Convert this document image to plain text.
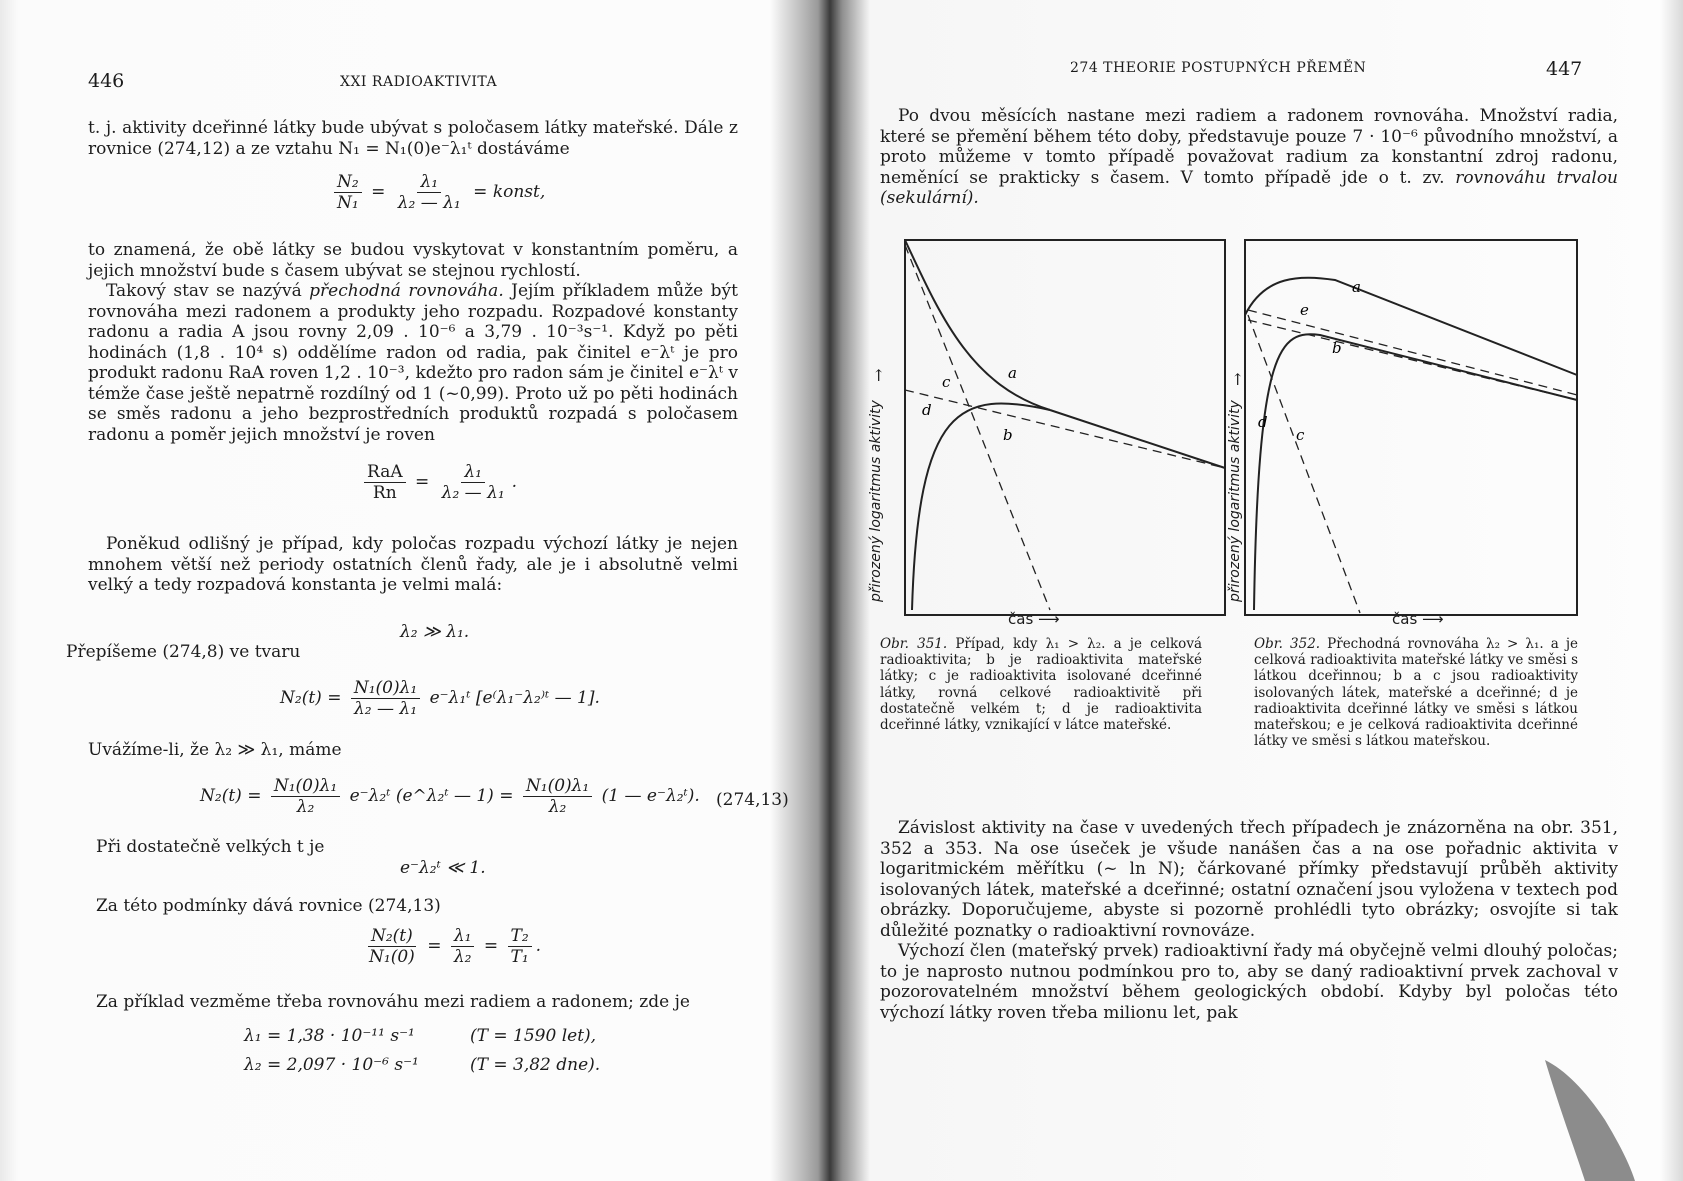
446	XXI RADIOAKTIVITA

t. j. aktivity dceřinné látky bude ubývat s poločasem látky mateřské. Dále z rovnice (274,12) a ze vztahu N₁ = N₁(0)e⁻λ₁ᵗ dostáváme

$\frac{\text{N₂}}{\text{N₁}} = \frac{\text{λ₁}}{\text{λ₂ — λ₁}}$ = konst,

to znamená, že obě látky se budou vyskytovat v konstantním poměru, a jejich množství bude s časem ubývat se stejnou rychlostí.

Takový stav se nazývá přechodná rovnováha. Jejím příkladem může být rovnováha mezi radonem a produkty jeho rozpadu. Rozpadové konstanty radonu a radia A jsou rovny 2,09 . 10⁻⁶ a 3,79 . 10⁻³s⁻¹. Když po pěti hodinách (1,8 . 10⁴ s) oddělíme radon od radia, pak činitel e⁻λᵗ je pro produkt radonu RaA roven 1,2 . 10⁻³, kdežto pro radon sám je činitel e⁻λᵗ v témže čase ještě nepatrně rozdílný od 1 (~0,99). Proto už po pěti hodinách se směs radonu a jeho bezprostředních produktů rozpadá s poločasem radonu a poměr jejich množství je roven

$\frac{\text{RaA}}{Rn} = \frac{\text{λ₁}}{\text{λ₂ — λ₁}}$ .

Poněkud odlišný je případ, kdy poločas rozpadu výchozí látky je nejen mnohem větší než periody ostatních členů řady, ale je i absolutně velmi velký a tedy rozpadová konstanta je velmi malá:

λ₂ ≫ λ₁.
Přepíšeme (274,8) ve tvaru
$N_2(t) = \frac{\text{N₁(0)λ₁}}{\text{λ₂ — λ₁}}$ e⁻λ₁ᵗ [e⁽λ₁⁻λ₂⁾ᵗ — 1].
Uvážíme-li, že λ₂ ≫ λ₁, máme
$N_2(t) = \frac{\text{N₁(0)λ₁}}{\text{λ₂}}$ e⁻λ₂ᵗ (e^λ₂ᵗ — $1) = \frac{\text{N₁(0)λ₁}}{\text{λ₂}} (1$ — e⁻λ₂ᵗ). (274,13)
Při dostatečně velkých t je
e⁻λ₂ᵗ ≪ 1.
Za této podmínky dává rovnice (274,13)
$\frac{\text{N₂(t)}}{\text{N₁(0)}} = \frac{\text{λ₁}}{\text{λ₂}} = \frac{\text{T₂}}{\text{T₁}}$ .
Za příklad vezměme třeba rovnováhu mezi radiem a radonem; zde je
λ₁ = 1,38 · 10⁻¹¹ s⁻¹	(T = 1590 let),
λ₂ = 2,097 · 10⁻⁶ s⁻¹	(T = 3,82 dne).
274 THEORIE POSTUPNÝCH PŘEMĚN	447

Po dvou měsících nastane mezi radiem a radonem rovnováha. Množství radia, které se přemění během této doby, představuje pouze 7 · 10⁻⁶ původního množství, a proto můžeme v tomto případě považovat radium za konstantní zdroj radonu, neměnící se prakticky s časem. V tomto případě jde o t. zv. rovnováhu trvalou (sekulární).

a
b
c
d
přirozený logaritmus aktivity
↑
čas ⟶
Obr. 351. Případ, kdy λ₁ > λ₂. a je celková radioaktivita; b je radioaktivita mateřské látky; c je radioaktivita isolované dceřinné látky, rovná celkové radioaktivitě při dostatečně velkém t; d je radioaktivita dceřinné látky, vznikající v látce mateřské.
a
e
b
d
c
přirozený logaritmus aktivity
↑
čas ⟶
Obr. 352. Přechodná rovnováha λ₂ > λ₁. a je celková radioaktivita mateřské látky ve směsi s látkou dceřinnou; b a c jsou radioaktivity isolovaných látek, mateřské a dceřinné; d je radioaktivita dceřinné látky ve směsi s látkou mateřskou; e je celková radioaktivita dceřinné látky ve směsi s látkou mateřskou.

Závislost aktivity na čase v uvedených třech případech je znázorněna na obr. 351, 352 a 353. Na ose úseček je všude nanášen čas a na ose pořadnic aktivita v logaritmickém měřítku (~ ln N); čárkované přímky představují průběh aktivity isolovaných látek, mateřské a dceřinné; ostatní označení jsou vyložena v textech pod obrázky. Doporučujeme, abyste si pozorně prohlédli tyto obrázky; osvojíte si tak důležité poznatky o radioaktivní rovnováze.

Výchozí člen (mateřský prvek) radioaktivní řady má obyčejně velmi dlouhý poločas; to je naprosto nutnou podmínkou pro to, aby se daný radioaktivní prvek zachoval v pozorovatelném množství během geologických období. Kdyby byl poločas této výchozí látky roven třeba milionu let, pak
